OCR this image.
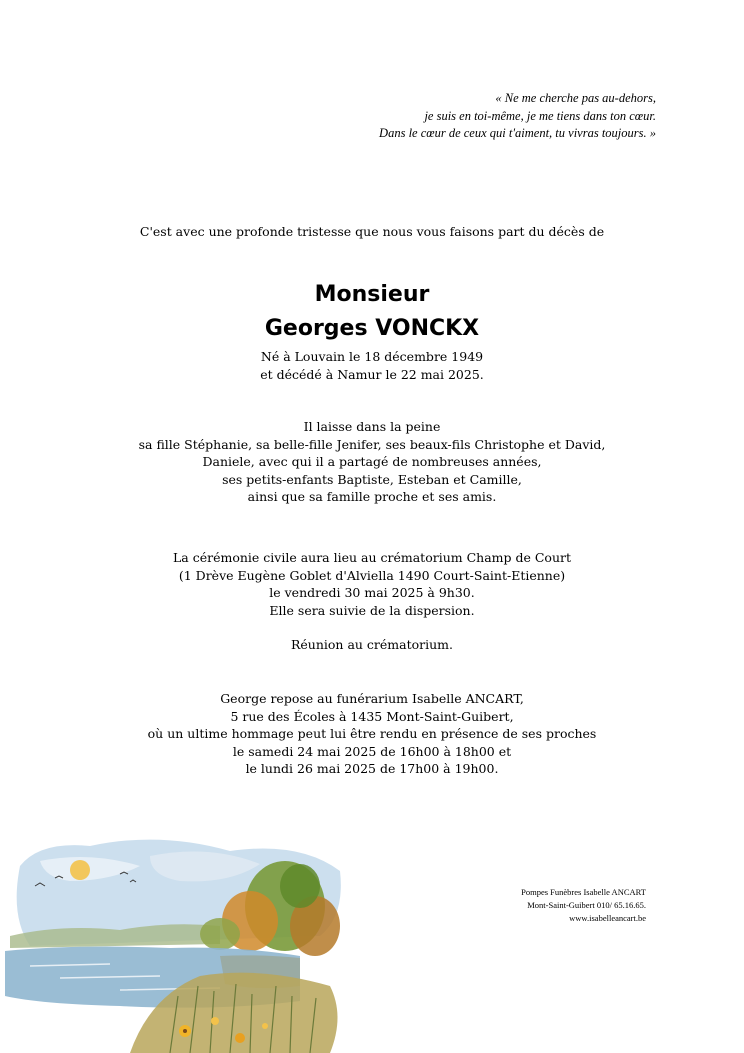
« Ne me cherche pas au-dehors,
je suis en toi-même, je me tiens dans ton cœur.
Dans le cœur de ceux qui t'aiment, tu vivras toujours. »
C'est avec une profonde tristesse que nous vous faisons part du décès de
Monsieur
Georges VONCKX
Né à Louvain le 18 décembre 1949
et décédé à Namur le 22 mai 2025.
Il laisse dans la peine
sa fille Stéphanie, sa belle-fille Jenifer, ses beaux-fils Christophe et David,
Daniele, avec qui il a partagé de nombreuses années,
ses petits-enfants Baptiste, Esteban et Camille,
ainsi que sa famille proche et ses amis.
La cérémonie civile aura lieu au crématorium Champ de Court
(1 Drève Eugène Goblet d'Alviella 1490 Court-Saint-Etienne)
le vendredi 30 mai 2025 à 9h30.
Elle sera suivie de la dispersion.
Réunion au crématorium.
George repose au funérarium Isabelle ANCART,
5 rue des Écoles à 1435 Mont-Saint-Guibert,
où un ultime hommage peut lui être rendu en présence de ses proches
le samedi 24 mai 2025 de 16h00 à 18h00 et
le lundi 26 mai 2025 de 17h00 à 19h00.
Pompes Funèbres Isabelle ANCART
Mont-Saint-Guibert 010/ 65.16.65.
www.isabelleancart.be
